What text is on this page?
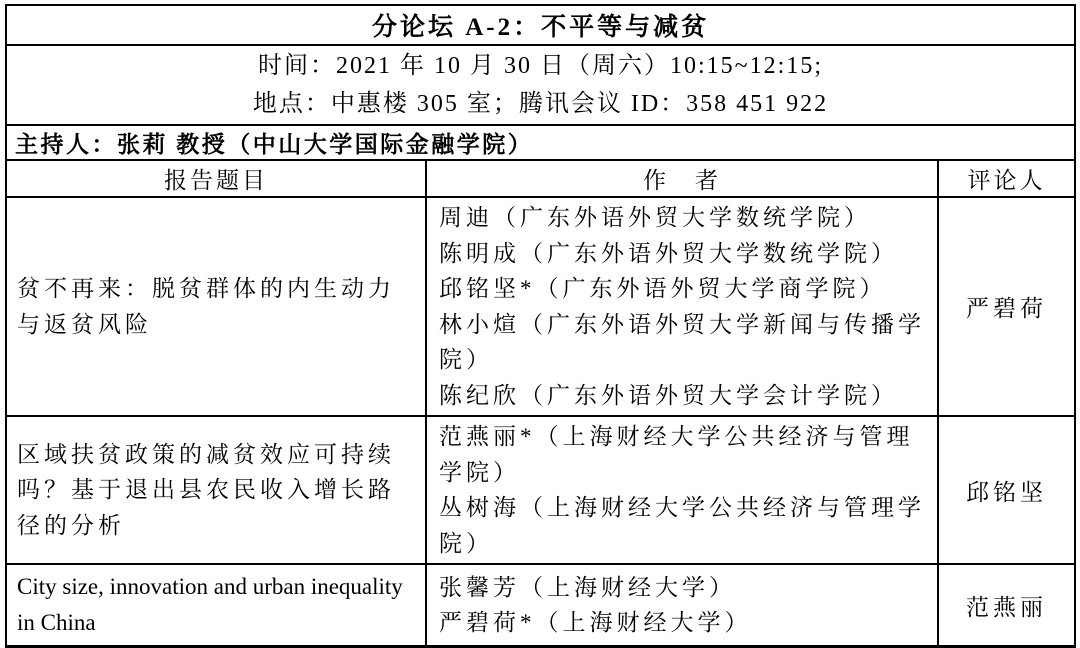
分论坛 A-2：不平等与减贫		

时间：2021 年 10 月 30 日（周六）10:15~12:15;
地点：中惠楼 305 室；腾讯会议 ID：358 451 922		

主持人：张莉 教授（中山大学国际金融学院）		
报告题目	作　者	评论人
贫不再来：脱贫群体的内生动力与返贫风险	周迪（广东外语外贸大学数统学院）
陈明成（广东外语外贸大学数统学院）
邱铭坚*（广东外语外贸大学商学院）
林小煊（广东外语外贸大学新闻与传播学院）
陈纪欣（广东外语外贸大学会计学院）	严碧荷
区域扶贫政策的减贫效应可持续吗？基于退出县农民收入增长路径的分析	范燕丽*（上海财经大学公共经济与管理学院）
丛树海（上海财经大学公共经济与管理学院）	邱铭坚
City size, innovation and urban inequality in China	张馨芳（上海财经大学）
严碧荷*（上海财经大学）	范燕丽
